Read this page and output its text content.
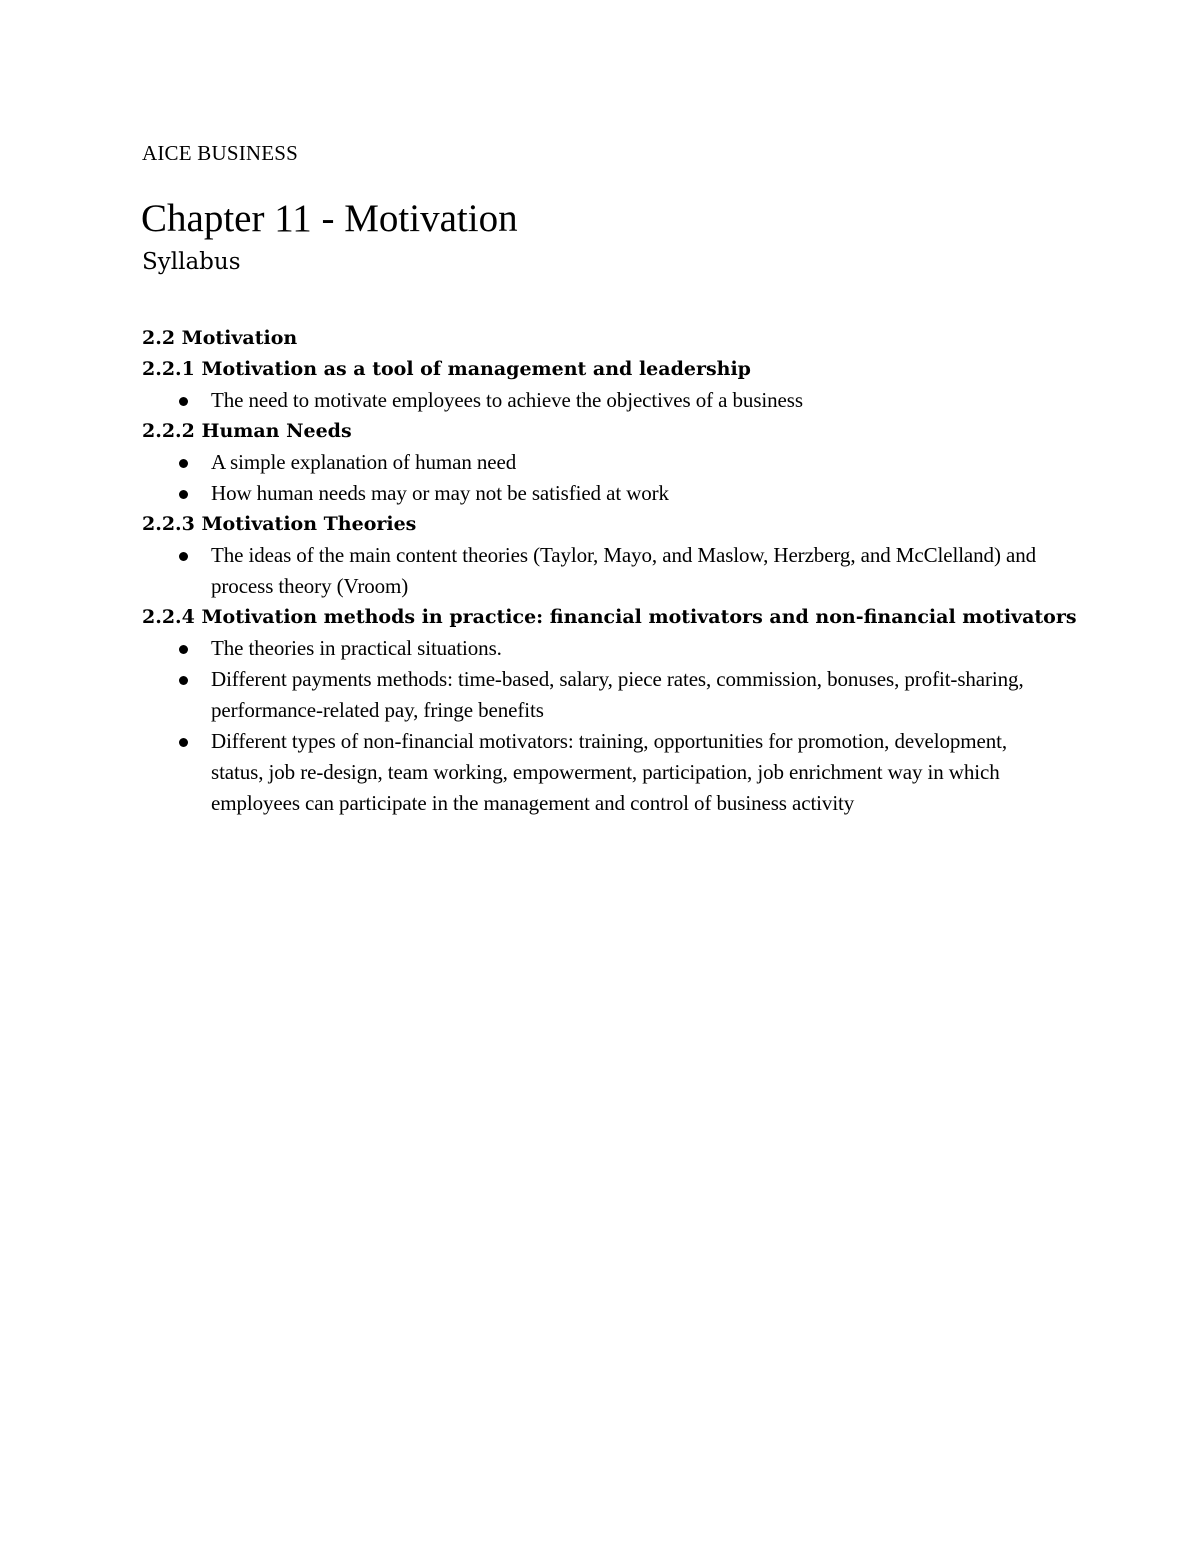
AICE BUSINESS
Chapter 11 - Motivation
Syllabus

2.2 Motivation

2.2.1 Motivation as a tool of management and leadership

The need to motivate employees to achieve the objectives of a business

2.2.2 Human Needs

A simple explanation of human need
How human needs may or may not be satisfied at work

2.2.3 Motivation Theories

The ideas of the main content theories (Taylor, Mayo, and Maslow, Herzberg, and McClelland) and process theory (Vroom)

2.2.4 Motivation methods in practice: financial motivators and non-financial motivators

The theories in practical situations.
Different payments methods: time-based, salary, piece rates, commission, bonuses, profit-sharing, performance-related pay, fringe benefits
Different types of non-financial motivators: training, opportunities for promotion, development, status, job re-design, team working, empowerment, participation, job enrichment way in which employees can participate in the management and control of business activity
